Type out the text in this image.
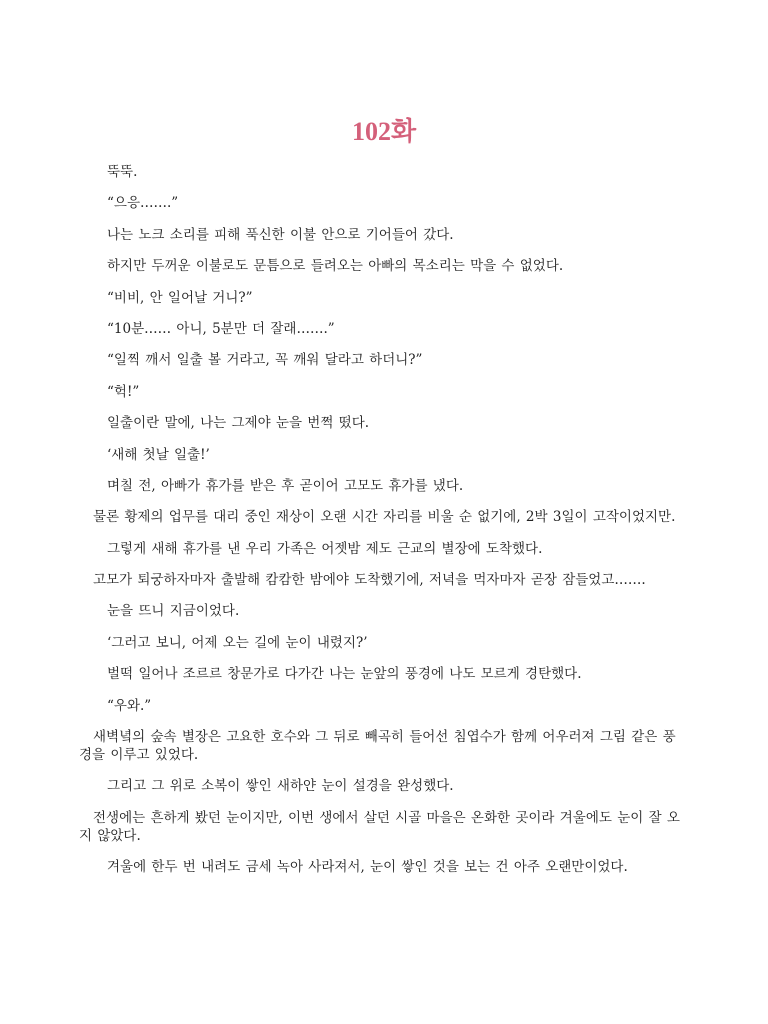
102화

뚝뚝.

“으응…….”

나는 노크 소리를 피해 푹신한 이불 안으로 기어들어 갔다.

하지만 두꺼운 이불로도 문틈으로 들려오는 아빠의 목소리는 막을 수 없었다.

“비비, 안 일어날 거니?”

“10분…… 아니, 5분만 더 잘래…….”

“일찍 깨서 일출 볼 거라고, 꼭 깨워 달라고 하더니?”

“헉!”

일출이란 말에, 나는 그제야 눈을 번쩍 떴다.

‘새해 첫날 일출!’

며칠 전, 아빠가 휴가를 받은 후 곧이어 고모도 휴가를 냈다.

물론 황제의 업무를 대리 중인 재상이 오랜 시간 자리를 비울 순 없기에, 2박 3일이 고작이었지만.

그렇게 새해 휴가를 낸 우리 가족은 어젯밤 제도 근교의 별장에 도착했다.

고모가 퇴궁하자마자 출발해 캄캄한 밤에야 도착했기에, 저녁을 먹자마자 곧장 잠들었고…….

눈을 뜨니 지금이었다.

‘그러고 보니, 어제 오는 길에 눈이 내렸지?’

벌떡 일어나 조르르 창문가로 다가간 나는 눈앞의 풍경에 나도 모르게 경탄했다.

“우와.”

새벽녘의 숲속 별장은 고요한 호수와 그 뒤로 빼곡히 들어선 침엽수가 함께 어우러져 그림 같은 풍경을 이루고 있었다.

그리고 그 위로 소복이 쌓인 새하얀 눈이 설경을 완성했다.

전생에는 흔하게 봤던 눈이지만, 이번 생에서 살던 시골 마을은 온화한 곳이라 겨울에도 눈이 잘 오지 않았다.

겨울에 한두 번 내려도 금세 녹아 사라져서, 눈이 쌓인 것을 보는 건 아주 오랜만이었다.
